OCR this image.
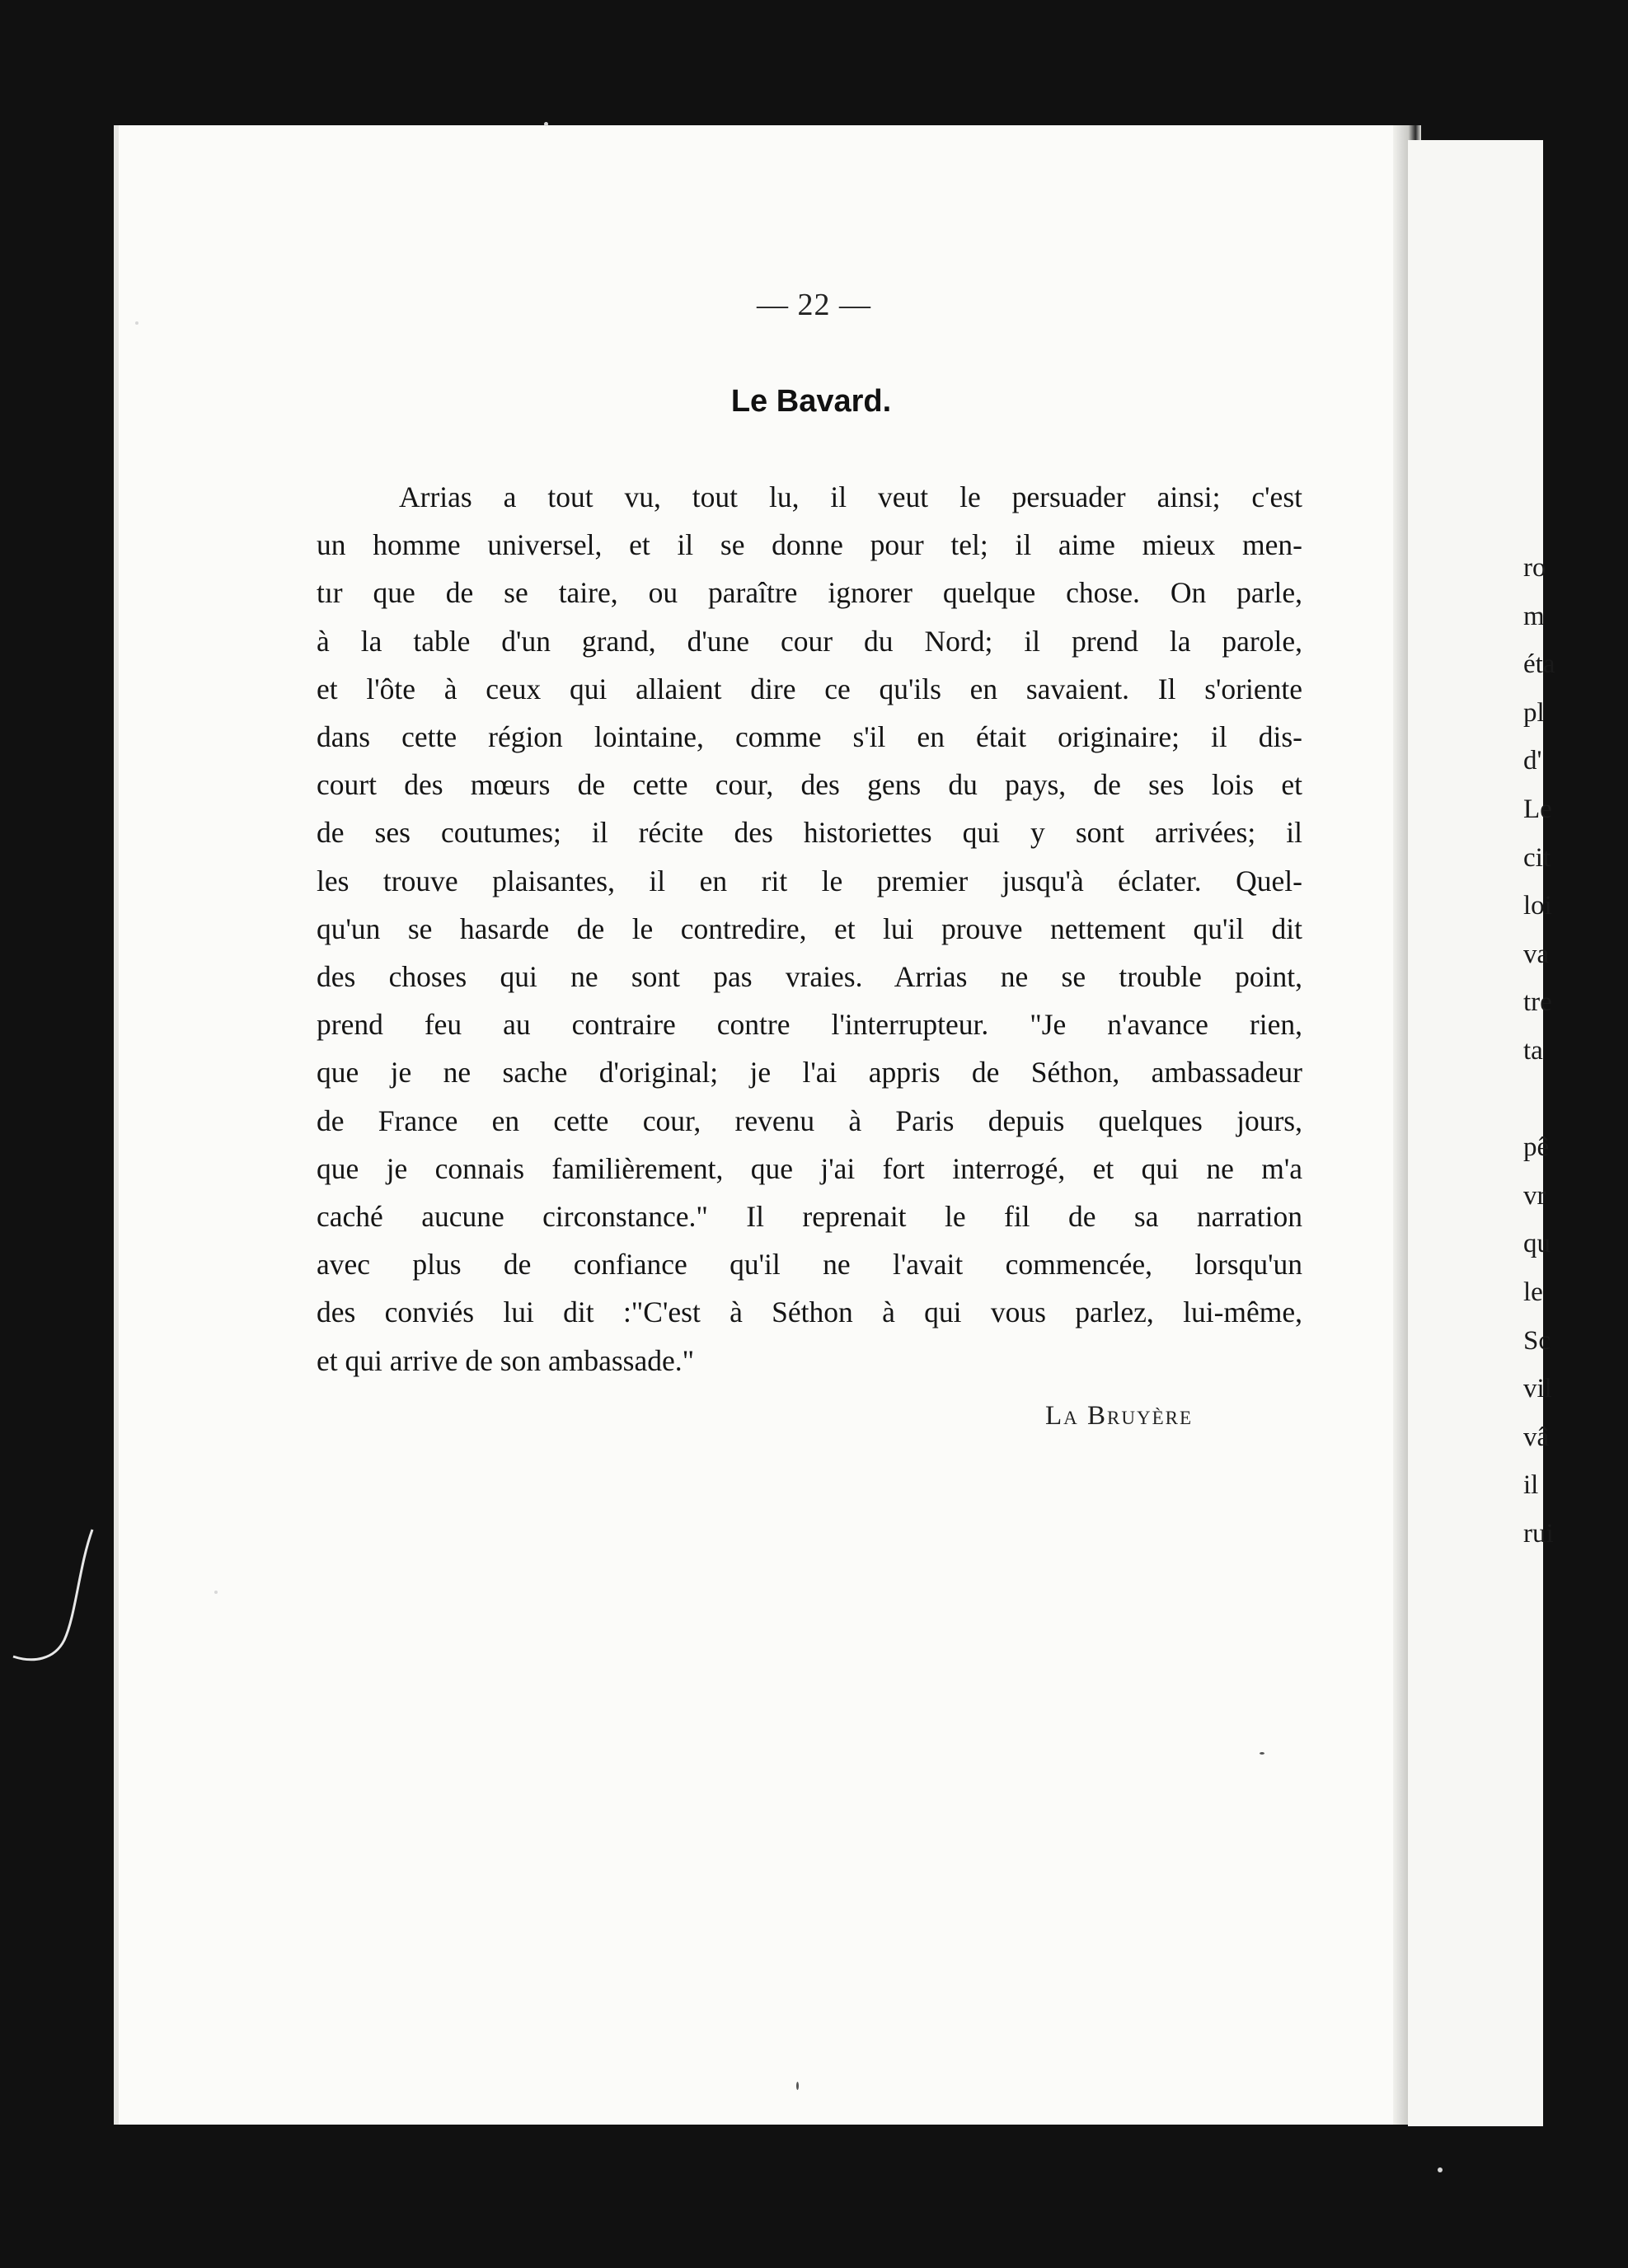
— 22 —
Le Bavard.
Arrias a tout vu, tout lu, il veut le persuader ainsi; c'est
un homme universel, et il se donne pour tel; il aime mieux men-
tır que de se taire, ou paraître ignorer quelque chose. On parle,
à la table d'un grand, d'une cour du Nord; il prend la parole,
et l'ôte à ceux qui allaient dire ce qu'ils en savaient. Il s'oriente
dans cette région lointaine, comme s'il en était originaire; il dis-
court des mœurs de cette cour, des gens du pays, de ses lois et
de ses coutumes; il récite des historiettes qui y sont arrivées; il
les trouve plaisantes, il en rit le premier jusqu'à éclater. Quel-
qu'un se hasarde de le contredire, et lui prouve nettement qu'il dit
des choses qui ne sont pas vraies. Arrias ne se trouble point,
prend feu au contraire contre l'interrupteur. "Je n'avance rien,
que je ne sache d'original; je l'ai appris de Séthon, ambassadeur
de France en cette cour, revenu à Paris depuis quelques jours,
que je connais familièrement, que j'ai fort interrogé, et qui ne m'a
caché aucune circonstance." Il reprenait le fil de sa narration
avec plus de confiance qu'il ne l'avait commencée, lorsqu'un
des conviés lui dit :"C'est à Séthon à qui vous parlez, lui-même,
et qui arrive de son ambassade."
La Bruyère
ro
m
éta
pl
d'
Le
cit
loi
va
tre
ta

pê
vr
qu
le
Sc
vil
vâ
il
rui
